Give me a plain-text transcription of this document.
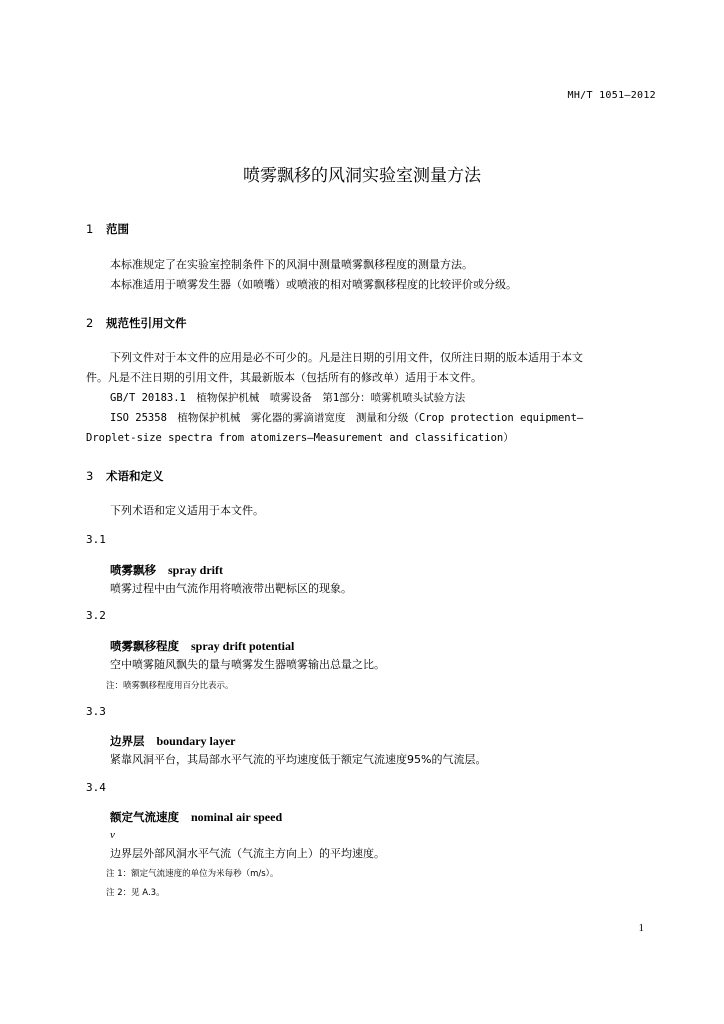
MH/T 1051—2012
喷雾飘移的风洞实验室测量方法

1 范围

本标准规定了在实验室控制条件下的风洞中测量喷雾飘移程度的测量方法。

本标准适用于喷雾发生器（如喷嘴）或喷液的相对喷雾飘移程度的比较评价或分级。

2 规范性引用文件

下列文件对于本文件的应用是必不可少的。凡是注日期的引用文件，仅所注日期的版本适用于本文

件。凡是不注日期的引用文件，其最新版本（包括所有的修改单）适用于本文件。

GB/T 20183.1　植物保护机械　喷雾设备　第1部分：喷雾机喷头试验方法

ISO 25358　植物保护机械　雾化器的雾滴谱宽度　测量和分级（Crop protection equipment—

Droplet-size spectra from atomizers—Measurement and classification）

3 术语和定义

下列术语和定义适用于本文件。

3.1

喷雾飘移 spray drift
喷雾过程中由气流作用将喷液带出靶标区的现象。

3.2

喷雾飘移程度 spray drift potential
空中喷雾随风飘失的量与喷雾发生器喷雾输出总量之比。
注：喷雾飘移程度用百分比表示。

3.3

边界层 boundary layer
紧靠风洞平台，其局部水平气流的平均速度低于额定气流速度95%的气流层。

3.4

额定气流速度 nominal air speed
v
边界层外部风洞水平气流（气流主方向上）的平均速度。
注 1：额定气流速度的单位为米每秒（m/s）。
注 2：见 A.3。
1
